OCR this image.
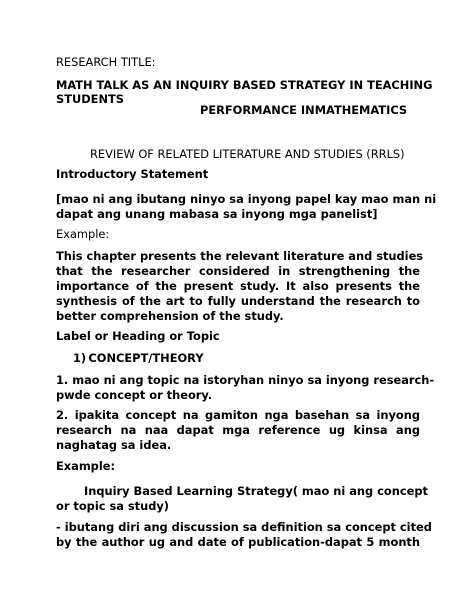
RESEARCH TITLE:
MATH TALK AS AN INQUIRY BASED STRATEGY IN TEACHING
STUDENTS
PERFORMANCE INMATHEMATICS
REVIEW OF RELATED LITERATURE AND STUDIES (RRLS)
Introductory Statement
[mao ni ang ibutang ninyo sa inyong papel kay mao man ni
dapat ang unang mabasa sa inyong mga panelist]
Example:
This chapter presents the relevant literature and studies
that the researcher considered in strengthening the
importance of the present study. It also presents the
synthesis of the art to fully understand the research to
better comprehension of the study.
Label or Heading or Topic
1) CONCEPT/THEORY
1. mao ni ang topic na istoryhan ninyo sa inyong research-
pwde concept or theory.
2. ipakita concept na gamiton nga basehan sa inyong
research na naa dapat mga reference ug kinsa ang
naghatag sa idea.
Example:
Inquiry Based Learning Strategy( mao ni ang concept
or topic sa study)
- ibutang diri ang discussion sa definition sa concept cited
by the author ug and date of publication-dapat 5 month
